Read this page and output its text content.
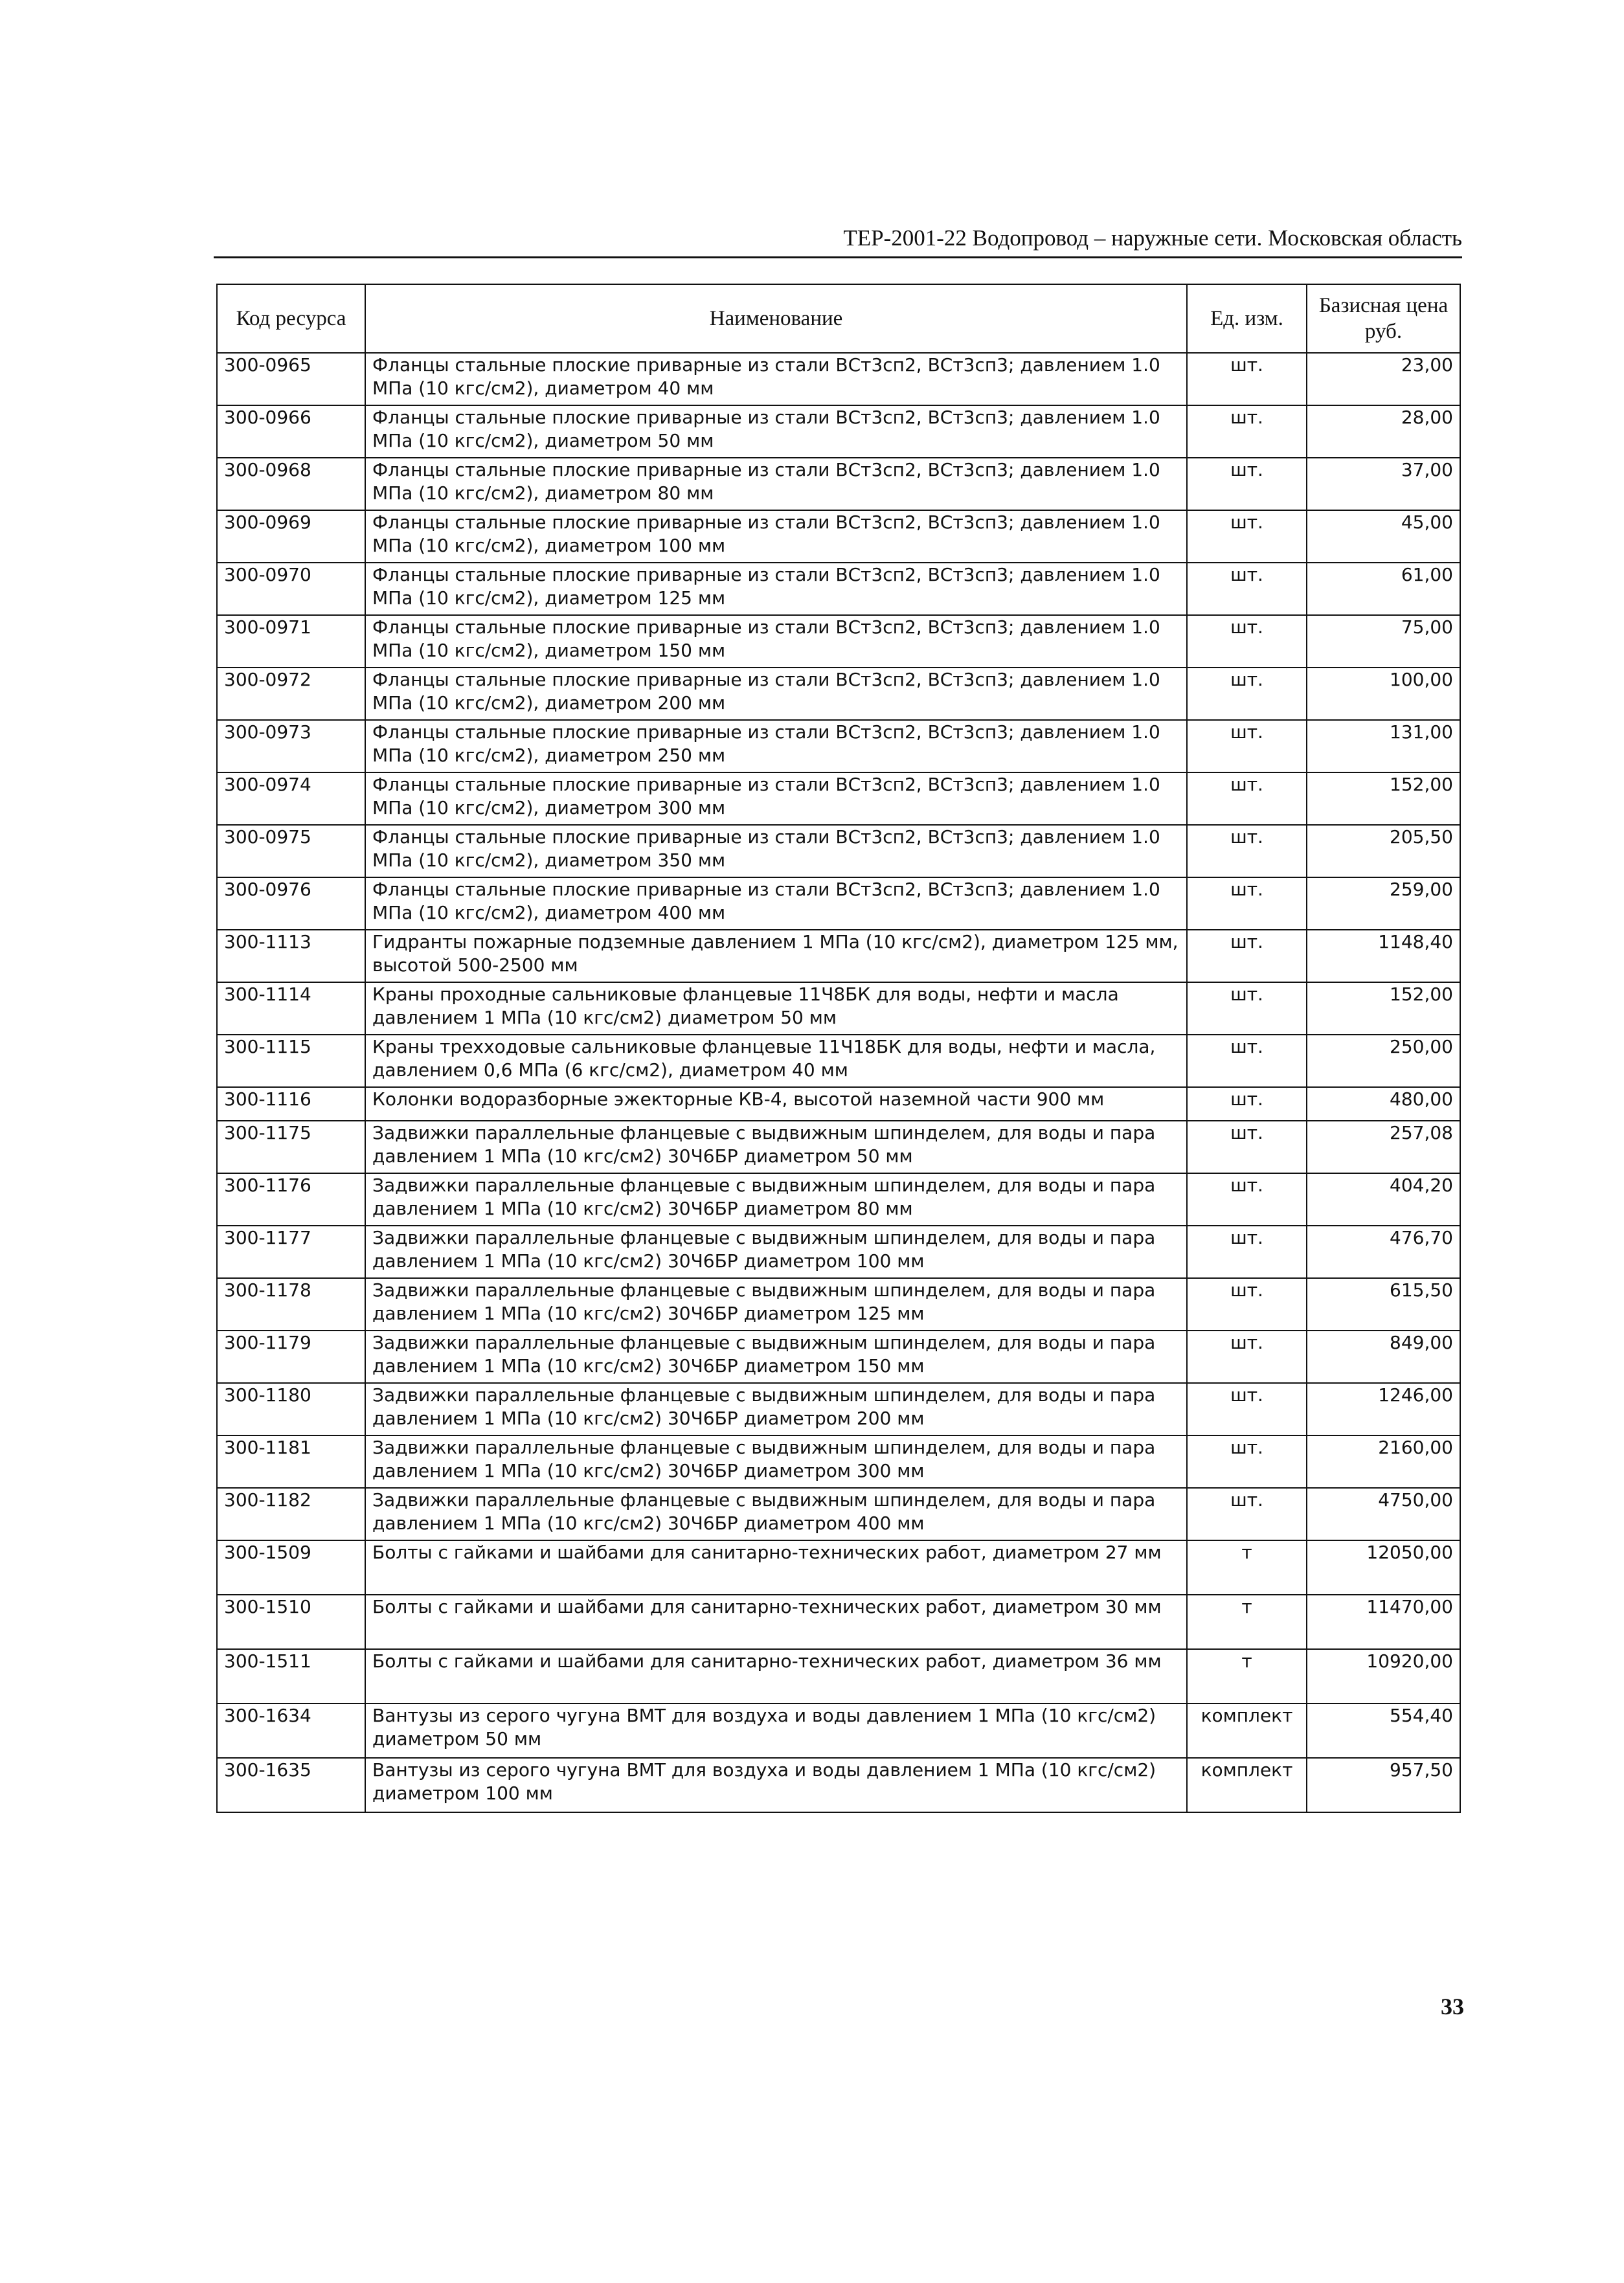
ТЕР-2001-22 Водопровод – наружные сети. Московская область
Код ресурса	Наименование	Ед. изм.	Базисная цена руб.
300-0965	Фланцы стальные плоские приварные из стали ВСт3сп2, ВСт3сп3; давлением 1.0 МПа (10 кгс/см2), диаметром 40 мм	шт.	23,00
300-0966	Фланцы стальные плоские приварные из стали ВСт3сп2, ВСт3сп3; давлением 1.0 МПа (10 кгс/см2), диаметром 50 мм	шт.	28,00
300-0968	Фланцы стальные плоские приварные из стали ВСт3сп2, ВСт3сп3; давлением 1.0 МПа (10 кгс/см2), диаметром 80 мм	шт.	37,00
300-0969	Фланцы стальные плоские приварные из стали ВСт3сп2, ВСт3сп3; давлением 1.0 МПа (10 кгс/см2), диаметром 100 мм	шт.	45,00
300-0970	Фланцы стальные плоские приварные из стали ВСт3сп2, ВСт3сп3; давлением 1.0 МПа (10 кгс/см2), диаметром 125 мм	шт.	61,00
300-0971	Фланцы стальные плоские приварные из стали ВСт3сп2, ВСт3сп3; давлением 1.0 МПа (10 кгс/см2), диаметром 150 мм	шт.	75,00
300-0972	Фланцы стальные плоские приварные из стали ВСт3сп2, ВСт3сп3; давлением 1.0 МПа (10 кгс/см2), диаметром 200 мм	шт.	100,00
300-0973	Фланцы стальные плоские приварные из стали ВСт3сп2, ВСт3сп3; давлением 1.0 МПа (10 кгс/см2), диаметром 250 мм	шт.	131,00
300-0974	Фланцы стальные плоские приварные из стали ВСт3сп2, ВСт3сп3; давлением 1.0 МПа (10 кгс/см2), диаметром 300 мм	шт.	152,00
300-0975	Фланцы стальные плоские приварные из стали ВСт3сп2, ВСт3сп3; давлением 1.0 МПа (10 кгс/см2), диаметром 350 мм	шт.	205,50
300-0976	Фланцы стальные плоские приварные из стали ВСт3сп2, ВСт3сп3; давлением 1.0 МПа (10 кгс/см2), диаметром 400 мм	шт.	259,00
300-1113	Гидранты пожарные подземные давлением 1 МПа (10 кгс/см2), диаметром 125 мм, высотой 500-2500 мм	шт.	1148,40
300-1114	Краны проходные сальниковые фланцевые 11Ч8БК для воды, нефти и масла давлением 1 МПа (10 кгс/см2) диаметром 50 мм	шт.	152,00
300-1115	Краны трехходовые сальниковые фланцевые 11Ч18БК для воды, нефти и масла, давлением 0,6 МПа (6 кгс/см2), диаметром 40 мм	шт.	250,00
300-1116	Колонки водоразборные эжекторные КВ-4, высотой наземной части 900 мм	шт.	480,00
300-1175	Задвижки параллельные фланцевые с выдвижным шпинделем, для воды и пара давлением 1 МПа (10 кгс/см2) 30Ч6БР диаметром 50 мм	шт.	257,08
300-1176	Задвижки параллельные фланцевые с выдвижным шпинделем, для воды и пара давлением 1 МПа (10 кгс/см2) 30Ч6БР диаметром 80 мм	шт.	404,20
300-1177	Задвижки параллельные фланцевые с выдвижным шпинделем, для воды и пара давлением 1 МПа (10 кгс/см2) 30Ч6БР диаметром 100 мм	шт.	476,70
300-1178	Задвижки параллельные фланцевые с выдвижным шпинделем, для воды и пара давлением 1 МПа (10 кгс/см2) 30Ч6БР диаметром 125 мм	шт.	615,50
300-1179	Задвижки параллельные фланцевые с выдвижным шпинделем, для воды и пара давлением 1 МПа (10 кгс/см2) 30Ч6БР диаметром 150 мм	шт.	849,00
300-1180	Задвижки параллельные фланцевые с выдвижным шпинделем, для воды и пара давлением 1 МПа (10 кгс/см2) 30Ч6БР диаметром 200 мм	шт.	1246,00
300-1181	Задвижки параллельные фланцевые с выдвижным шпинделем, для воды и пара давлением 1 МПа (10 кгс/см2) 30Ч6БР диаметром 300 мм	шт.	2160,00
300-1182	Задвижки параллельные фланцевые с выдвижным шпинделем, для воды и пара давлением 1 МПа (10 кгс/см2) 30Ч6БР диаметром 400 мм	шт.	4750,00
300-1509	Болты с гайками и шайбами для санитарно-технических работ, диаметром 27 мм	т	12050,00
300-1510	Болты с гайками и шайбами для санитарно-технических работ, диаметром 30 мм	т	11470,00
300-1511	Болты с гайками и шайбами для санитарно-технических работ, диаметром 36 мм	т	10920,00
300-1634	Вантузы из серого чугуна ВМТ для воздуха и воды давлением 1 МПа (10 кгс/см2) диаметром 50 мм	комплект	554,40
300-1635	Вантузы из серого чугуна ВМТ для воздуха и воды давлением 1 МПа (10 кгс/см2) диаметром 100 мм	комплект	957,50
33
